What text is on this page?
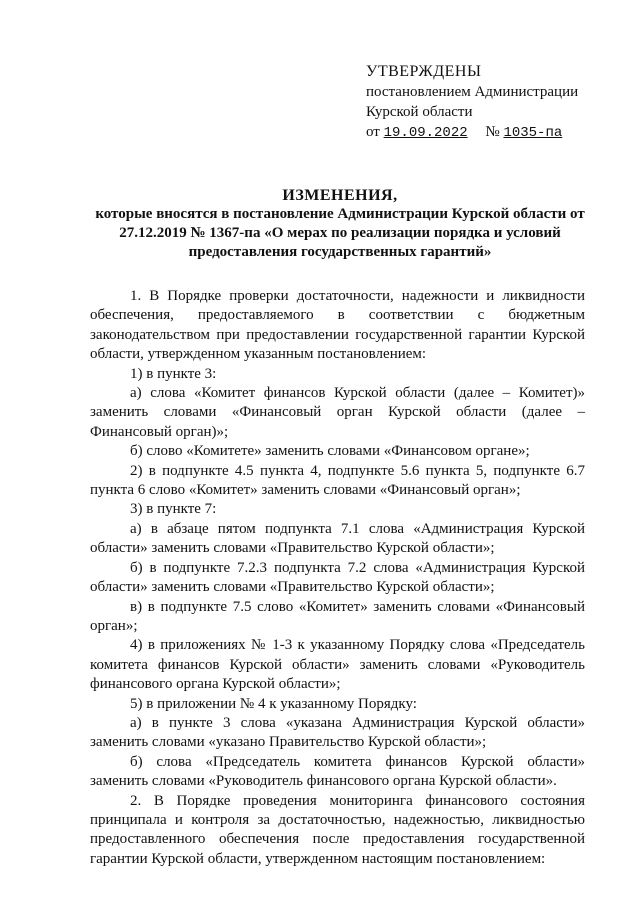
УТВЕРЖДЕНЫ
постановлением Администрации
Курской области
от 19.09.2022 № 1035-па
ИЗМЕНЕНИЯ,
которые вносятся в постановление Администрации Курской области от 27.12.2019 № 1367-па «О мерах по реализации порядка и условий предоставления государственных гарантий»

1. В Порядке проверки достаточности, надежности и ликвидности обеспечения, предоставляемого в соответствии с бюджетным законодательством при предоставлении государственной гарантии Курской области, утвержденном указанным постановлением:

1) в пункте 3:

а) слова «Комитет финансов Курской области (далее – Комитет)» заменить словами «Финансовый орган Курской области (далее – Финансовый орган)»;

б) слово «Комитете» заменить словами «Финансовом органе»;

2) в подпункте 4.5 пункта 4, подпункте 5.6 пункта 5, подпункте 6.7 пункта 6 слово «Комитет» заменить словами «Финансовый орган»;

3) в пункте 7:

а) в абзаце пятом подпункта 7.1 слова «Администрация Курской области» заменить словами «Правительство Курской области»;

б) в подпункте 7.2.3 подпункта 7.2 слова «Администрация Курской области» заменить словами «Правительство Курской области»;

в) в подпункте 7.5 слово «Комитет» заменить словами «Финансовый орган»;

4) в приложениях № 1-3 к указанному Порядку слова «Председатель комитета финансов Курской области» заменить словами «Руководитель финансового органа Курской области»;

5) в приложении № 4 к указанному Порядку:

а) в пункте 3 слова «указана Администрация Курской области» заменить словами «указано Правительство Курской области»;

б) слова «Председатель комитета финансов Курской области» заменить словами «Руководитель финансового органа Курской области».

2. В Порядке проведения мониторинга финансового состояния принципала и контроля за достаточностью, надежностью, ликвидностью предоставленного обеспечения после предоставления государственной гарантии Курской области, утвержденном настоящим постановлением:
